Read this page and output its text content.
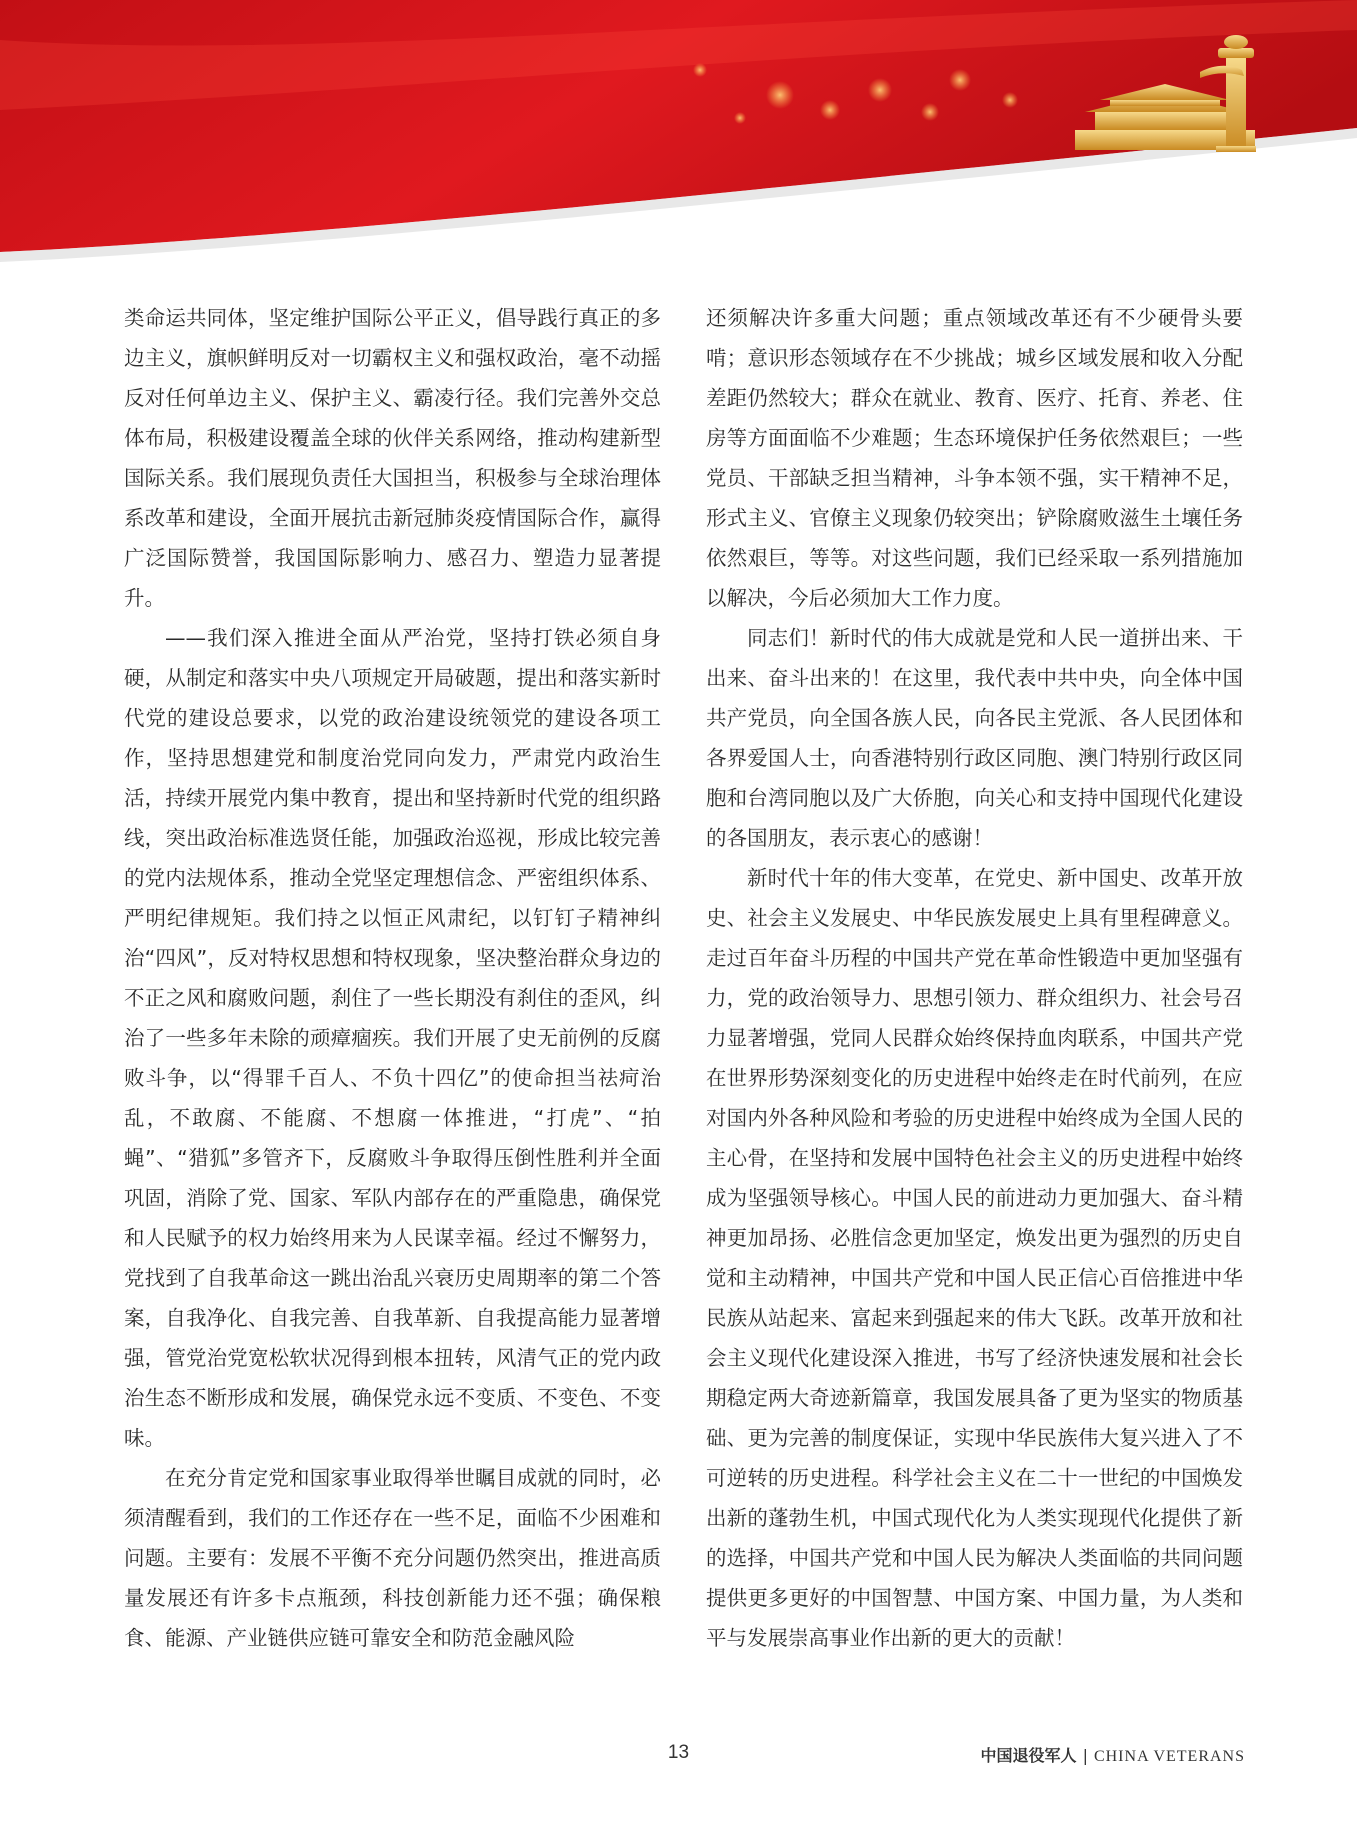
类命运共同体，坚定维护国际公平正义，倡导践行真正的多边主义，旗帜鲜明反对一切霸权主义和强权政治，毫不动摇反对任何单边主义、保护主义、霸凌行径。我们完善外交总体布局，积极建设覆盖全球的伙伴关系网络，推动构建新型国际关系。我们展现负责任大国担当，积极参与全球治理体系改革和建设，全面开展抗击新冠肺炎疫情国际合作，赢得广泛国际赞誉，我国国际影响力、感召力、塑造力显著提升。

——我们深入推进全面从严治党，坚持打铁必须自身硬，从制定和落实中央八项规定开局破题，提出和落实新时代党的建设总要求，以党的政治建设统领党的建设各项工作，坚持思想建党和制度治党同向发力，严肃党内政治生活，持续开展党内集中教育，提出和坚持新时代党的组织路线，突出政治标准选贤任能，加强政治巡视，形成比较完善的党内法规体系，推动全党坚定理想信念、严密组织体系、严明纪律规矩。我们持之以恒正风肃纪，以钉钉子精神纠治“四风”，反对特权思想和特权现象，坚决整治群众身边的不正之风和腐败问题，刹住了一些长期没有刹住的歪风，纠治了一些多年未除的顽瘴痼疾。我们开展了史无前例的反腐败斗争，以“得罪千百人、不负十四亿”的使命担当祛疴治乱，不敢腐、不能腐、不想腐一体推进，“打虎”、“拍蝇”、“猎狐”多管齐下，反腐败斗争取得压倒性胜利并全面巩固，消除了党、国家、军队内部存在的严重隐患，确保党和人民赋予的权力始终用来为人民谋幸福。经过不懈努力，党找到了自我革命这一跳出治乱兴衰历史周期率的第二个答案，自我净化、自我完善、自我革新、自我提高能力显著增强，管党治党宽松软状况得到根本扭转，风清气正的党内政治生态不断形成和发展，确保党永远不变质、不变色、不变味。

在充分肯定党和国家事业取得举世瞩目成就的同时，必须清醒看到，我们的工作还存在一些不足，面临不少困难和问题。主要有：发展不平衡不充分问题仍然突出，推进高质量发展还有许多卡点瓶颈，科技创新能力还不强；确保粮食、能源、产业链供应链可靠安全和防范金融风险

还须解决许多重大问题；重点领域改革还有不少硬骨头要啃；意识形态领域存在不少挑战；城乡区域发展和收入分配差距仍然较大；群众在就业、教育、医疗、托育、养老、住房等方面面临不少难题；生态环境保护任务依然艰巨；一些党员、干部缺乏担当精神，斗争本领不强，实干精神不足，形式主义、官僚主义现象仍较突出；铲除腐败滋生土壤任务依然艰巨，等等。对这些问题，我们已经采取一系列措施加以解决，今后必须加大工作力度。

同志们！新时代的伟大成就是党和人民一道拼出来、干出来、奋斗出来的！在这里，我代表中共中央，向全体中国共产党员，向全国各族人民，向各民主党派、各人民团体和各界爱国人士，向香港特别行政区同胞、澳门特别行政区同胞和台湾同胞以及广大侨胞，向关心和支持中国现代化建设的各国朋友，表示衷心的感谢！

新时代十年的伟大变革，在党史、新中国史、改革开放史、社会主义发展史、中华民族发展史上具有里程碑意义。走过百年奋斗历程的中国共产党在革命性锻造中更加坚强有力，党的政治领导力、思想引领力、群众组织力、社会号召力显著增强，党同人民群众始终保持血肉联系，中国共产党在世界形势深刻变化的历史进程中始终走在时代前列，在应对国内外各种风险和考验的历史进程中始终成为全国人民的主心骨，在坚持和发展中国特色社会主义的历史进程中始终成为坚强领导核心。中国人民的前进动力更加强大、奋斗精神更加昂扬、必胜信念更加坚定，焕发出更为强烈的历史自觉和主动精神，中国共产党和中国人民正信心百倍推进中华民族从站起来、富起来到强起来的伟大飞跃。改革开放和社会主义现代化建设深入推进，书写了经济快速发展和社会长期稳定两大奇迹新篇章，我国发展具备了更为坚实的物质基础、更为完善的制度保证，实现中华民族伟大复兴进入了不可逆转的历史进程。科学社会主义在二十一世纪的中国焕发出新的蓬勃生机，中国式现代化为人类实现现代化提供了新的选择，中国共产党和中国人民为解决人类面临的共同问题提供更多更好的中国智慧、中国方案、中国力量，为人类和平与发展崇高事业作出新的更大的贡献！

13	中国退役军人 | CHINA VETERANS
